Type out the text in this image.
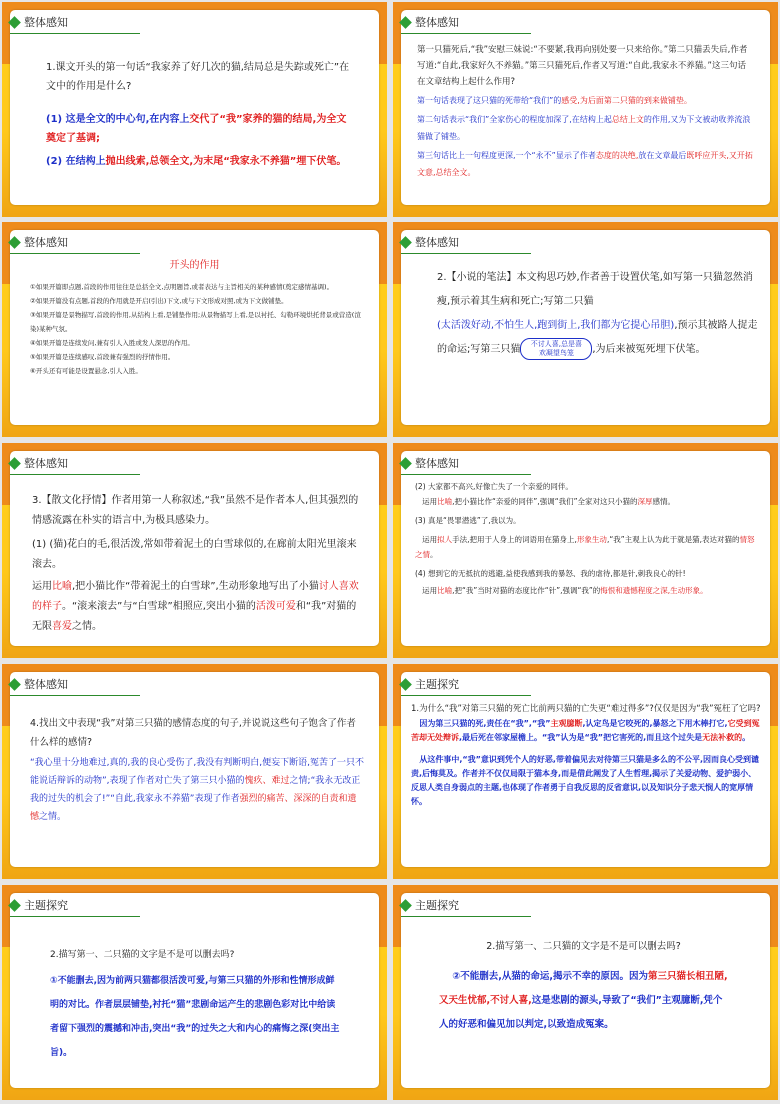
整体感知

1.课文开头的第一句话“我家养了好几次的猫,结局总是失踪或死亡”在文中的作用是什么?

(1) 这是全文的中心句,在内容上交代了“我”家养的猫的结局,为全文奠定了基调;

(2) 在结构上抛出线索,总领全文,为末尾“我家永不养猫”埋下伏笔。

整体感知

第一只猫死后,“我”安慰三妹说:“不要紧,我再向别处要一只来给你。”第二只猫丢失后,作者写道:“自此,我家好久不养猫。”第三只猫死后,作者又写道:“自此,我家永不养猫。”这三句话在文章结构上起什么作用?

第一句话表现了这只猫的死带给“我们”的感受,为后面第二只猫的到来做铺垫。

第二句话表示“我们”全家伤心的程度加深了,在结构上起总结上文的作用,又为下文被动收养流浪猫做了铺垫。

第三句话比上一句程度更深,一个“永不”显示了作者态度的决绝,放在文章最后既呼应开头,又开拓文意,总结全文。

整体感知
开头的作用

①如果开篇即点题,首段的作用往往是总括全文,点明题旨,或者表达与主旨相关的某种感情(奠定感情基调)。

②如果开篇没有点题,首段的作用就是开启(引出)下文,或与下文形成对照,或为下文做铺垫。

③如果开篇是景物描写,首段的作用,从结构上看,是铺垫作用;从景物描写上看,是以衬托、勾勒环境烘托背景或营造(渲染)某种气氛。

④如果开篇是连续发问,兼有引人入胜或发人深思的作用。

⑤如果开篇是连续感叹,首段兼有强烈的抒情作用。

⑥开头还有可能是设置悬念,引人入胜。

整体感知

2.【小说的笔法】本文构思巧妙,作者善于设置伏笔,如写第一只猫忽然消瘦,预示着其生病和死亡;写第二只猫
(太活泼好动,不怕生人,跑到街上,我们都为它提心吊胆),预示其被路人捉走的命运;写第三只猫 不讨人喜,总是喜欢凝望鸟笼 ,为后来被冤死埋下伏笔。

整体感知

3.【散文化抒情】作者用第一人称叙述,“我”虽然不是作者本人,但其强烈的情感流露在朴实的语言中,为极具感染力。

(1) (猫)花白的毛,很活泼,常如带着泥土的白雪球似的,在廊前太阳光里滚来滚去。

运用比喻,把小猫比作“带着泥土的白雪球”,生动形象地写出了小猫讨人喜欢的样子。“滚来滚去”与“白雪球”相照应,突出小猫的活泼可爱和“我”对猫的无限喜爱之情。

整体感知

(2) 大家都不高兴,好像亡失了一个亲爱的同伴。

运用比喻,把小猫比作“亲爱的同伴”,强调“我们”全家对这只小猫的深厚感情。

(3) 真是“畏罪潜逃”了,我以为。

运用拟人手法,把用于人身上的词语用在猫身上,形象生动,“我”主观上认为此于就是猫,表达对猫的情怒之情。

(4) 想到它的无抵抗的逃避,益使我感到我的暴怒、我的虐待,都是针,刺我良心的针!

运用比喻,把“我”当时对猫的态度比作“针”,强调“我”的悔恨和遗憾程度之深,生动形象。

整体感知

4.找出文中表现“我”对第三只猫的感情态度的句子,并说说这些句子饱含了作者什么样的感情?

“我心里十分地难过,真的,我的良心受伤了,我没有判断明白,便妄下断语,冤苦了一只不能说话辩诉的动物”,表现了作者对亡失了第三只小猫的愧疚、难过之情;“我永无改正我的过失的机会了!”“自此,我家永不养猫”表现了作者强烈的痛苦、深深的自责和遗憾之情。

主题探究

1.为什么“我”对第三只猫的死亡比前两只猫的亡失更“难过得多”?仅仅是因为“我”冤枉了它吗?

因为第三只猫的死,责任在“我”,“我”主观臆断,认定鸟是它咬死的,暴怒之下用木棒打它,它受到冤苦却无处辩诉,最后死在邻家屋檐上。“我”认为是“我”把它害死的,而且这个过失是无法补救的。

从这件事中,“我”意识到凭个人的好恶,带着偏见去对待第三只猫是多么的不公平,因而良心受到谴责,后悔莫及。作者并不仅仅局限于猫本身,而是借此阐发了人生哲理,揭示了关爱动物、爱护弱小、反思人类自身弱点的主题,也体现了作者勇于自我反思的反省意识,以及知识分子悲天悯人的宽厚情怀。

主题探究

2.描写第一、二只猫的文字是不是可以删去吗?

①不能删去,因为前两只猫都很活泼可爱,与第三只猫的外形和性情形成鲜明的对比。作者层层铺垫,衬托“猫”悲剧命运产生的悲剧色彩对比中给读者留下强烈的震撼和冲击,突出“我”的过失之大和内心的痛悔之深(突出主旨)。

主题探究

2.描写第一、二只猫的文字是不是可以删去吗?

②不能删去,从猫的命运,揭示不幸的原因。因为第三只猫长相丑陋,又天生忧郁,不讨人喜,这是悲剧的源头,导致了“我们”主观臆断,凭个人的好恶和偏见加以判定,以致造成冤案。
